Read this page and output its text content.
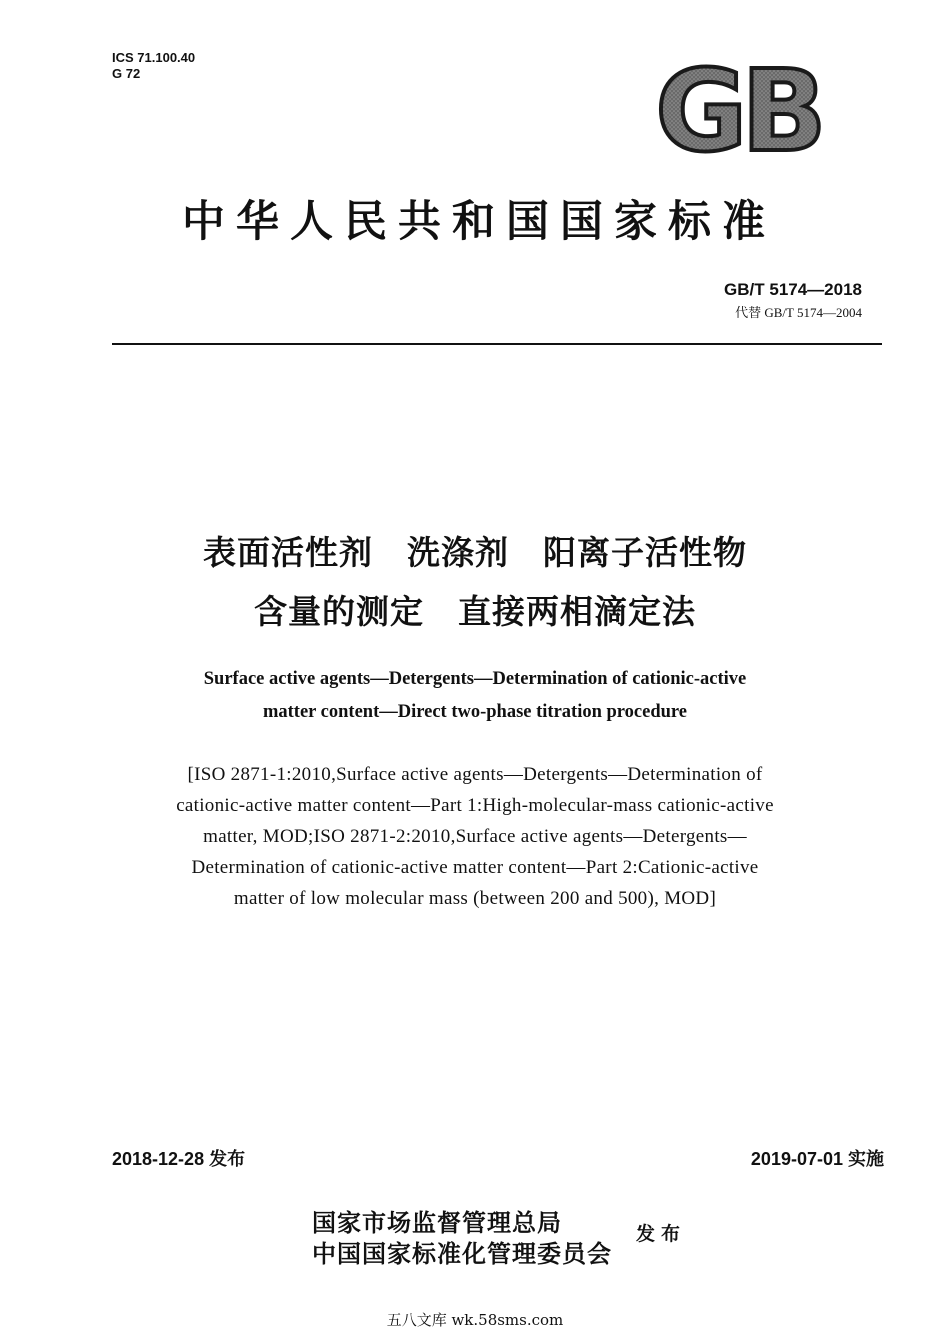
ICS 71.100.40
G 72	GB
中华人民共和国国家标准
GB/T 5174—2018
代替 GB/T 5174—2004
表面活性剂　洗涤剂　阳离子活性物
含量的测定　直接两相滴定法
Surface active agents—Detergents—Determination of cationic-active
matter content—Direct two-phase titration procedure
[ISO 2871-1:2010,Surface active agents—Detergents—Determination of
cationic-active matter content—Part 1:High-molecular-mass cationic-active
matter, MOD;ISO 2871-2:2010,Surface active agents—Detergents—
Determination of cationic-active matter content—Part 2:Cationic-active
matter of low molecular mass (between 200 and 500), MOD]
2018-12-28 发布	2019-07-01 实施
国家市场监督管理总局
中国国家标准化管理委员会
发布
五八文库 wk.58sms.com
